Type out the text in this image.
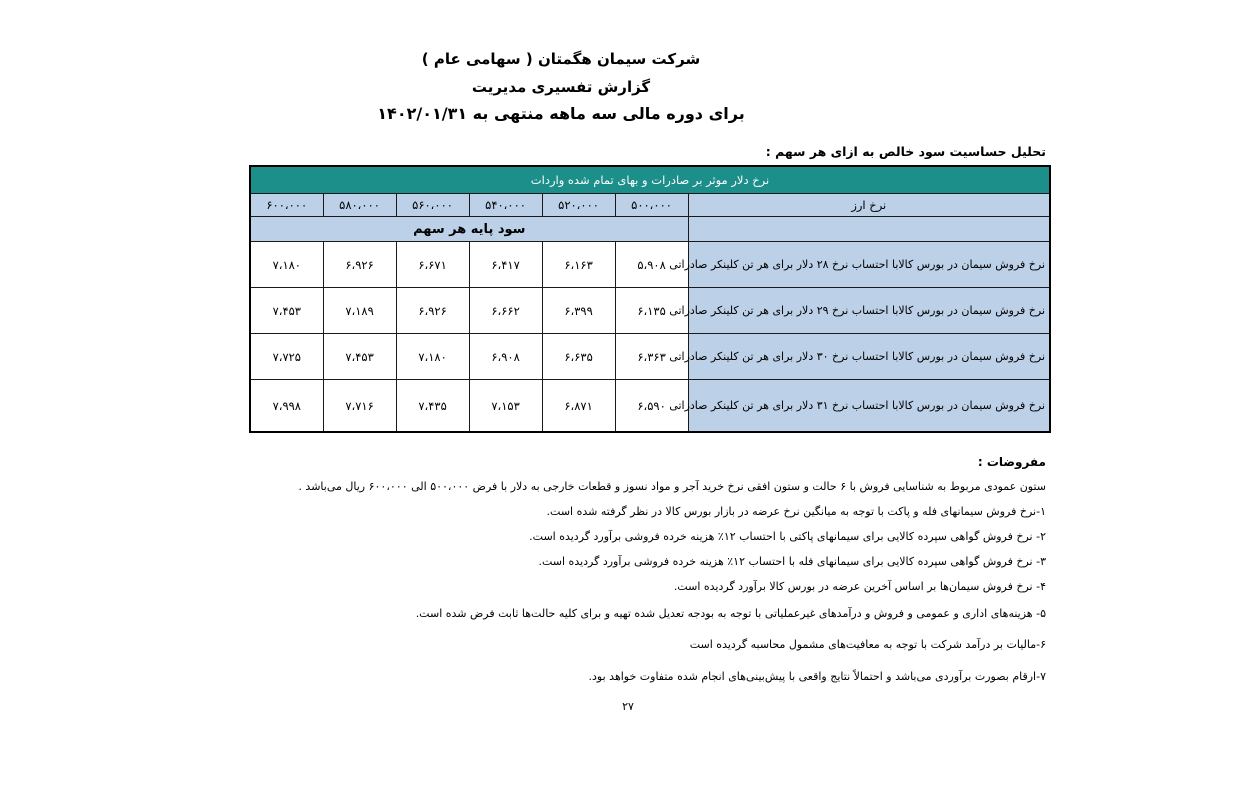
شرکت سیمان هگمتان ( سهامی عام )
گزارش تفسیری مدیریت
برای دوره مالی سه ماهه منتهی به ۱۴۰۲/۰۱/۳۱
تحلیل حساسیت سود خالص به ازای هر سهم :
نرخ دلار موثر بر صادرات و بهای تمام شده واردات						
نرخ ارز	۵۰۰،۰۰۰	۵۲۰،۰۰۰	۵۴۰،۰۰۰	۵۶۰،۰۰۰	۵۸۰،۰۰۰	۶۰۰،۰۰۰
	سود پایه هر سهم					
نرخ فروش سیمان در بورس کالابا احتساب نرخ ۲۸ دلار برای هر تن کلینکر صادراتی	۵،۹۰۸	۶،۱۶۳	۶،۴۱۷	۶،۶۷۱	۶،۹۲۶	۷،۱۸۰
نرخ فروش سیمان در بورس کالابا احتساب نرخ ۲۹ دلار برای هر تن کلینکر صادراتی	۶،۱۳۵	۶،۳۹۹	۶،۶۶۲	۶،۹۲۶	۷،۱۸۹	۷،۴۵۳
نرخ فروش سیمان در بورس کالابا احتساب نرخ ۳۰ دلار برای هر تن کلینکر صادراتی	۶،۳۶۳	۶،۶۳۵	۶،۹۰۸	۷،۱۸۰	۷،۴۵۳	۷،۷۲۵
نرخ فروش سیمان در بورس کالابا احتساب نرخ ۳۱ دلار برای هر تن کلینکر صادراتی	۶،۵۹۰	۶،۸۷۱	۷،۱۵۳	۷،۴۳۵	۷،۷۱۶	۷،۹۹۸
مفروضات :
ستون عمودی مربوط به شناسایی فروش با ۶ حالت و ستون افقی نرخ خرید آجر و مواد نسوز و قطعات خارجی به دلار با فرض ۵۰۰،۰۰۰ الی ۶۰۰،۰۰۰ ریال می‌باشد .
۱-نرخ فروش سیمانهای فله و پاکت با توجه به میانگین نرخ عرضه در بازار بورس کالا در نظر گرفته شده است.
۲- نرخ فروش گواهی سپرده کالایی برای سیمانهای پاکتی با احتساب ۱۲٪ هزینه خرده فروشی برآورد گردیده است.
۳- نرخ فروش گواهی سپرده کالایی برای سیمانهای فله با احتساب ۱۲٪ هزینه خرده فروشی برآورد گردیده است.
۴- نرخ فروش سیمان‌ها بر اساس آخرین عرضه در بورس کالا برآورد گردیده است.
۵- هزینه‌های اداری و عمومی و فروش و درآمدهای غیرعملیاتی با توجه به بودجه تعدیل شده تهیه و برای کلیه حالت‌ها ثابت فرض شده است.
۶-مالیات بر درآمد شرکت با توجه به معافیت‌های مشمول محاسبه گردیده است
۷-ارقام بصورت برآوردی می‌باشد و احتمالاً نتایج واقعی با پیش‌بینی‌های انجام شده متفاوت خواهد بود.
۲۷
